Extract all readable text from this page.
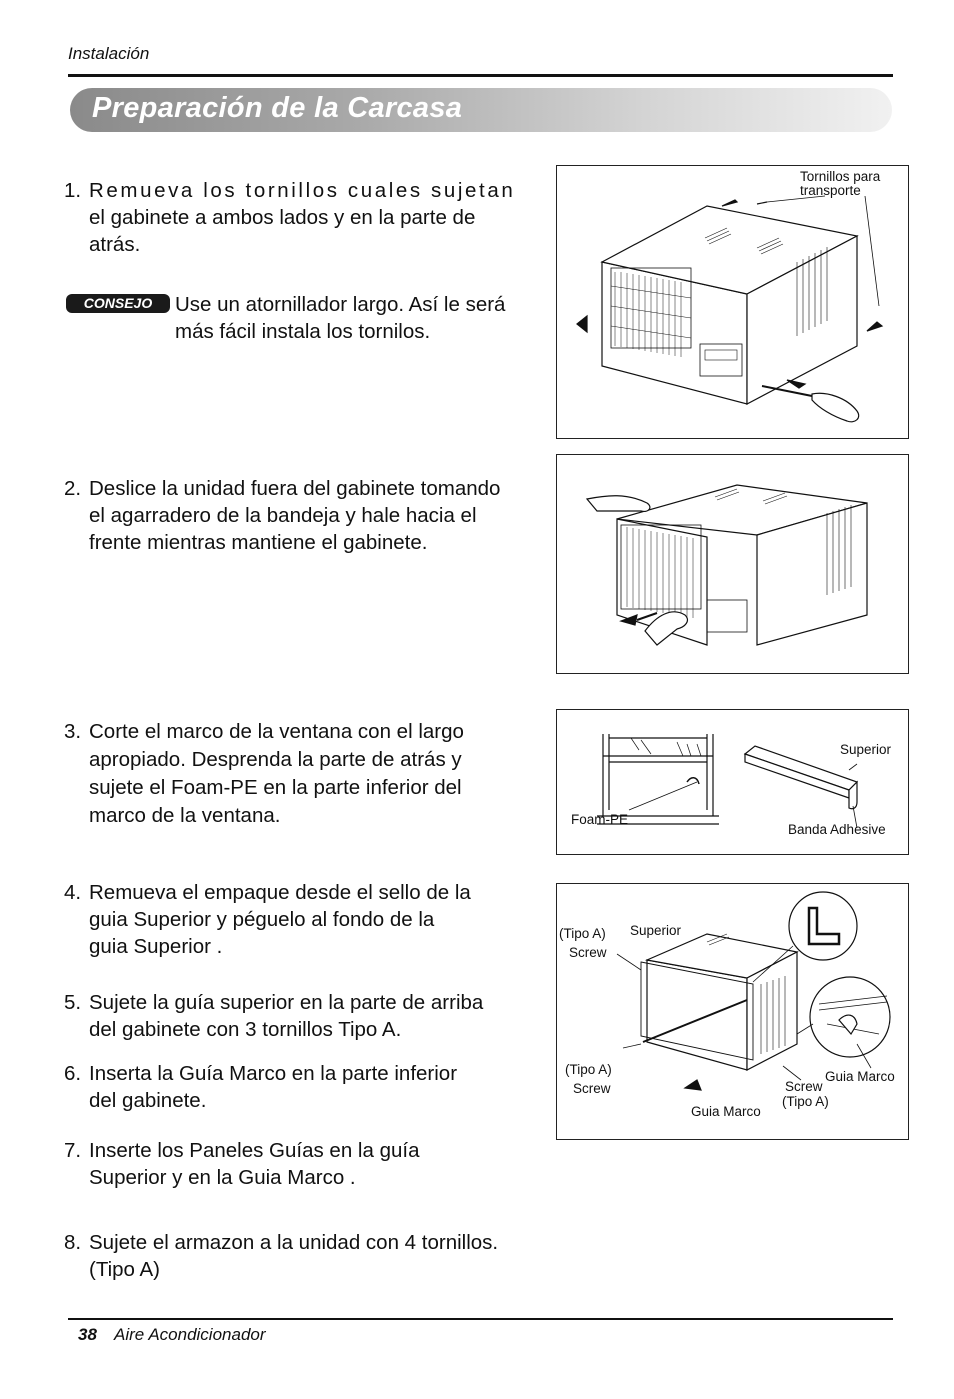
Instalación
Preparación de la Carcasa
1. Remueva los tornillos cuales sujetan
el gabinete a ambos lados y en la parte de
atrás.
CONSEJO	Use un atornillador largo. Así le será
más fácil instala los tornilos.
2. Deslice la unidad fuera del gabinete tomando
el agarradero de la bandeja y hale hacia el
frente mientras mantiene el gabinete.
3. Corte el marco de la ventana con el largo
apropiado. Desprenda la parte de atrás y
sujete el Foam-PE en la parte inferior del
marco de la ventana.
4. Remueva el empaque desde el sello de la
guia Superior y péguelo al fondo de la
guia Superior .
5. Sujete la guía superior en la parte de arriba
del gabinete con 3 tornillos Tipo A.
6. Inserta la Guía Marco en la parte inferior
del gabinete.
7. Inserte los Paneles Guías en la guía
Superior y en la Guia Marco .
8. Sujete el armazon a la unidad con 4 tornillos.
(Tipo A)
Tornillos para
transporte
Superior
Foam-PE
Banda Adhesive
(Tipo A)
Screw
Superior
(Tipo A)
Screw
Guia Marco
Screw
(Tipo A)
Guia Marco
38 Aire Acondicionador
